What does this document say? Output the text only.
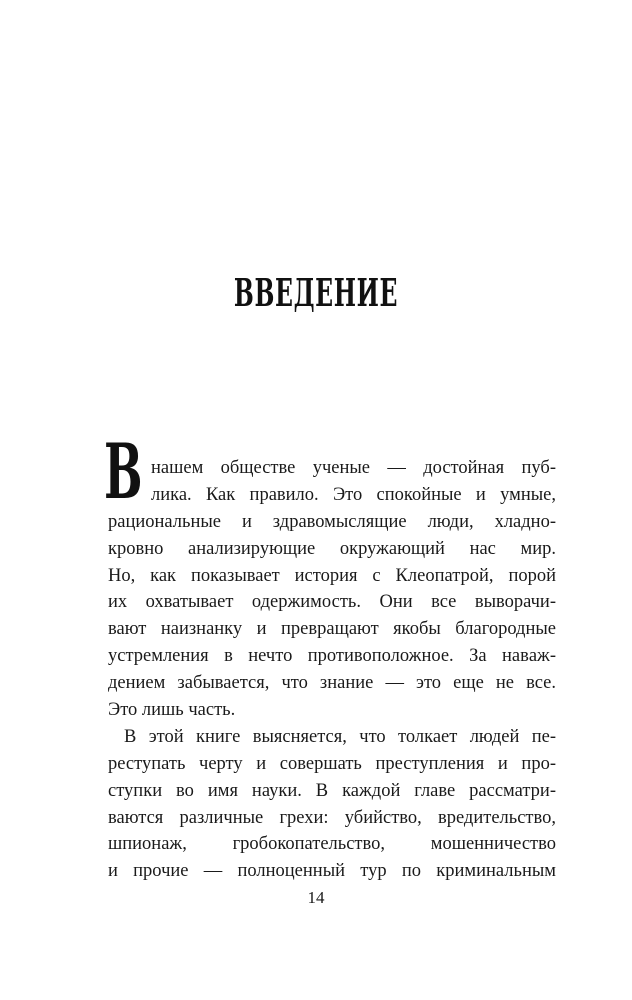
ВВЕДЕНИЕ
В нашем обществе ученые — достойная пуб-
лика. Как правило. Это спокойные и умные,
рациональные и здравомыслящие люди, хладно-
кровно анализирующие окружающий нас мир.
Но, как показывает история с Клеопатрой, порой
их охватывает одержимость. Они все выворачи-
вают наизнанку и превращают якобы благородные
устремления в нечто противоположное. За навaж-
дением забывается, что знание — это еще не все.
Это лишь часть.
В этой книге выясняется, что толкает людей пе-
реступать черту и совершать преступления и про-
ступки во имя науки. В каждой главе рассматри-
ваются различные грехи: убийство, вредительство,
шпионаж, гробокопательство, мошенничество
и прочие — полноценный тур по криминальным
14
